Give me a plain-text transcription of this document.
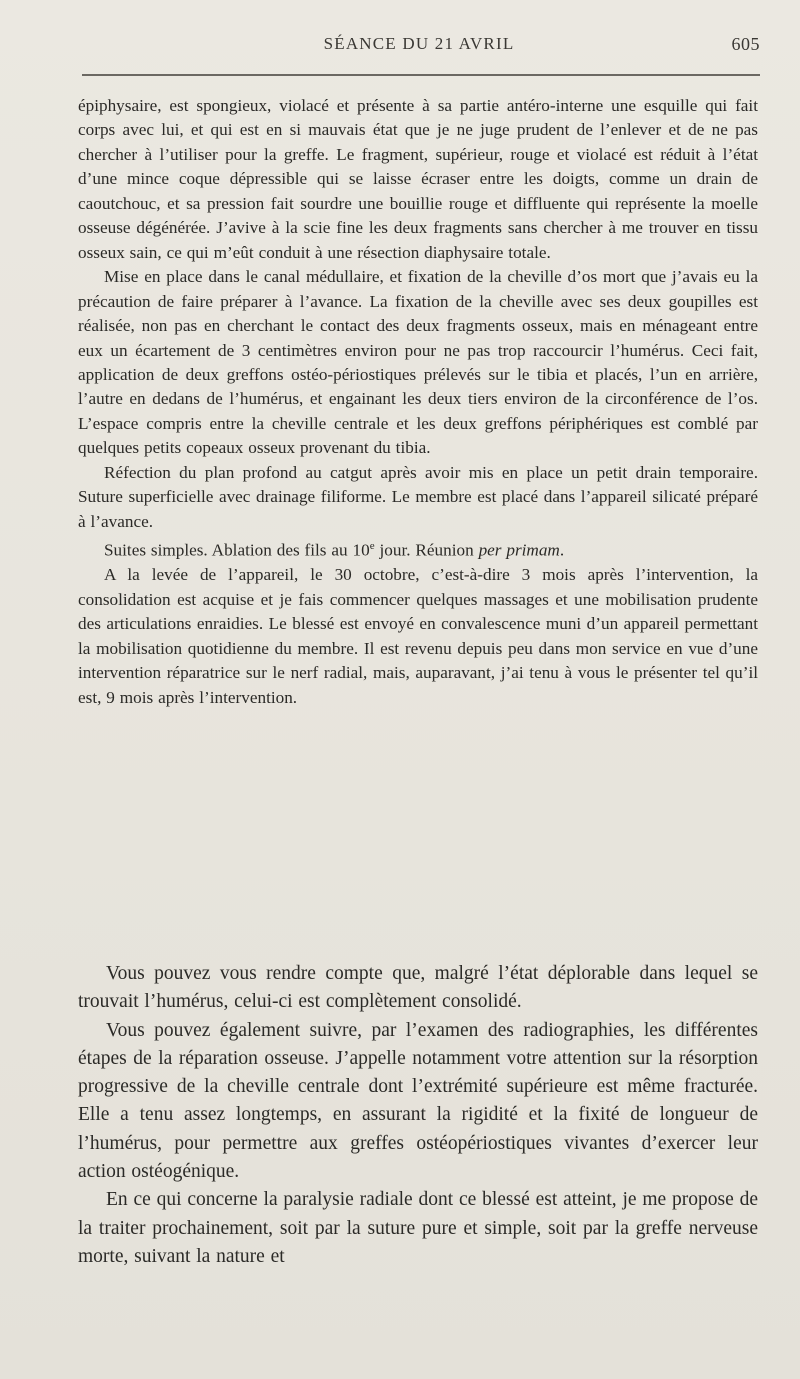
SÉANCE DU 21 AVRIL	605

épiphysaire, est spongieux, violacé et présente à sa partie antéro-interne une esquille qui fait corps avec lui, et qui est en si mauvais état que je ne juge prudent de l’enlever et de ne pas chercher à l’utiliser pour la greffe. Le fragment, supérieur, rouge et violacé est réduit à l’état d’une mince coque dépressible qui se laisse écraser entre les doigts, comme un drain de caoutchouc, et sa pression fait sourdre une bouillie rouge et diffluente qui représente la moelle osseuse dégénérée. J’avive à la scie fine les deux fragments sans chercher à me trouver en tissu osseux sain, ce qui m’eût conduit à une résection diaphysaire totale.

Mise en place dans le canal médullaire, et fixation de la cheville d’os mort que j’avais eu la précaution de faire préparer à l’avance. La fixation de la cheville avec ses deux goupilles est réalisée, non pas en cherchant le contact des deux fragments osseux, mais en ménageant entre eux un écartement de 3 centimètres environ pour ne pas trop raccourcir l’humérus. Ceci fait, application de deux greffons ostéo-périostiques prélevés sur le tibia et placés, l’un en arrière, l’autre en dedans de l’humérus, et engainant les deux tiers environ de la circonférence de l’os. L’espace compris entre la cheville centrale et les deux greffons périphériques est comblé par quelques petits copeaux osseux provenant du tibia.

Réfection du plan profond au catgut après avoir mis en place un petit drain temporaire. Suture superficielle avec drainage filiforme. Le membre est placé dans l’appareil silicaté préparé à l’avance.

Suites simples. Ablation des fils au 10e jour. Réunion per primam.

A la levée de l’appareil, le 30 octobre, c’est-à-dire 3 mois après l’intervention, la consolidation est acquise et je fais commencer quelques massages et une mobilisation prudente des articulations enraidies. Le blessé est envoyé en convalescence muni d’un appareil permettant la mobilisation quotidienne du membre. Il est revenu depuis peu dans mon service en vue d’une intervention réparatrice sur le nerf radial, mais, auparavant, j’ai tenu à vous le présenter tel qu’il est, 9 mois après l’intervention.

Vous pouvez vous rendre compte que, malgré l’état déplorable dans lequel se trouvait l’humérus, celui-ci est complètement consolidé.

Vous pouvez également suivre, par l’examen des radiographies, les différentes étapes de la réparation osseuse. J’appelle notamment votre attention sur la résorption progressive de la cheville centrale dont l’extrémité supérieure est même fracturée. Elle a tenu assez longtemps, en assurant la rigidité et la fixité de longueur de l’humérus, pour permettre aux greffes ostéopériostiques vivantes d’exercer leur action ostéogénique.

En ce qui concerne la paralysie radiale dont ce blessé est atteint, je me propose de la traiter prochainement, soit par la suture pure et simple, soit par la greffe nerveuse morte, suivant la nature et
